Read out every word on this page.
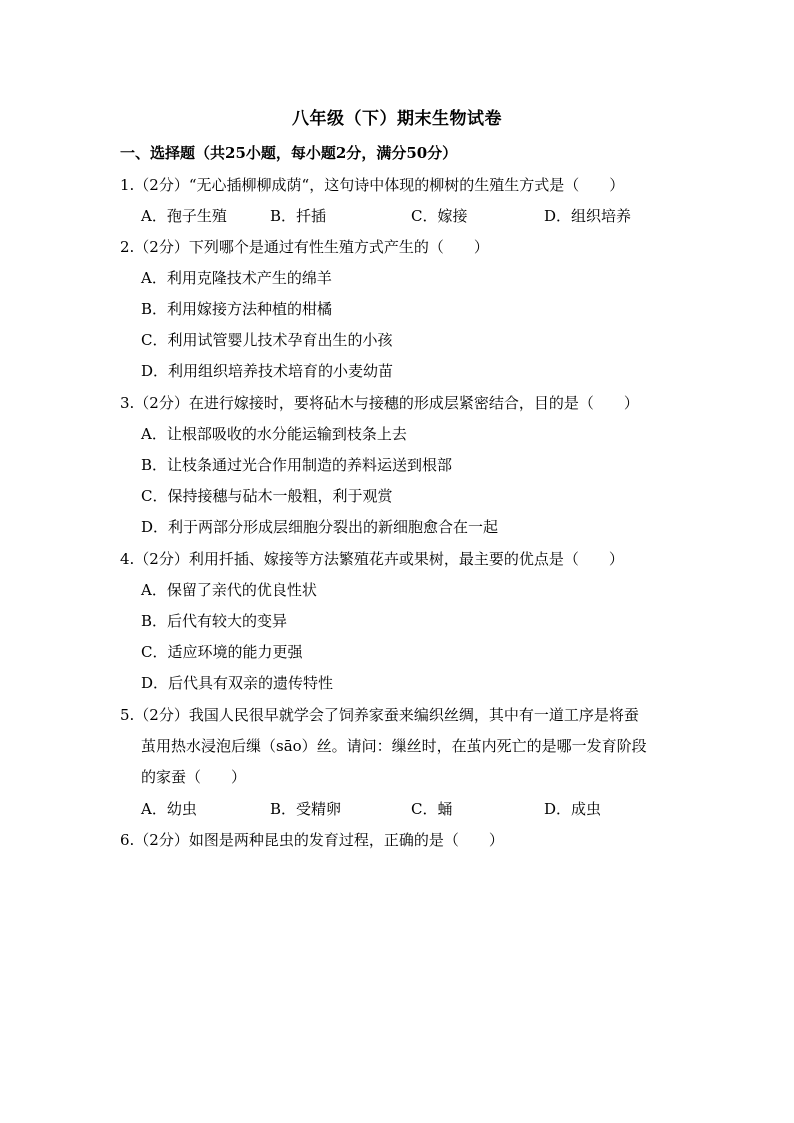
八年级（下）期末生物试卷
一、选择题（共25小题，每小题2分，满分50分）
1.（2分）“无心插柳柳成荫“，这句诗中体现的柳树的生殖生方式是（　　）
A．孢子生殖	B．扦插	C．嫁接	D．组织培养
2.（2分）下列哪个是通过有性生殖方式产生的（　　）
A．利用克隆技术产生的绵羊
B．利用嫁接方法种植的柑橘
C．利用试管婴儿技术孕育出生的小孩
D．利用组织培养技术培育的小麦幼苗
3.（2分）在进行嫁接时，要将砧木与接穗的形成层紧密结合，目的是（　　）
A．让根部吸收的水分能运输到枝条上去
B．让枝条通过光合作用制造的养料运送到根部
C．保持接穗与砧木一般粗，利于观赏
D．利于两部分形成层细胞分裂出的新细胞愈合在一起
4.（2分）利用扦插、嫁接等方法繁殖花卉或果树，最主要的优点是（　　）
A．保留了亲代的优良性状
B．后代有较大的变异
C．适应环境的能力更强
D．后代具有双亲的遗传特性
5.（2分）我国人民很早就学会了饲养家蚕来编织丝绸，其中有一道工序是将蚕
茧用热水浸泡后缫（sāo）丝。请问：缫丝时，在茧内死亡的是哪一发育阶段
的家蚕（　　）
A．幼虫	B．受精卵	C．蛹	D．成虫
6.（2分）如图是两种昆虫的发育过程，正确的是（　　）
